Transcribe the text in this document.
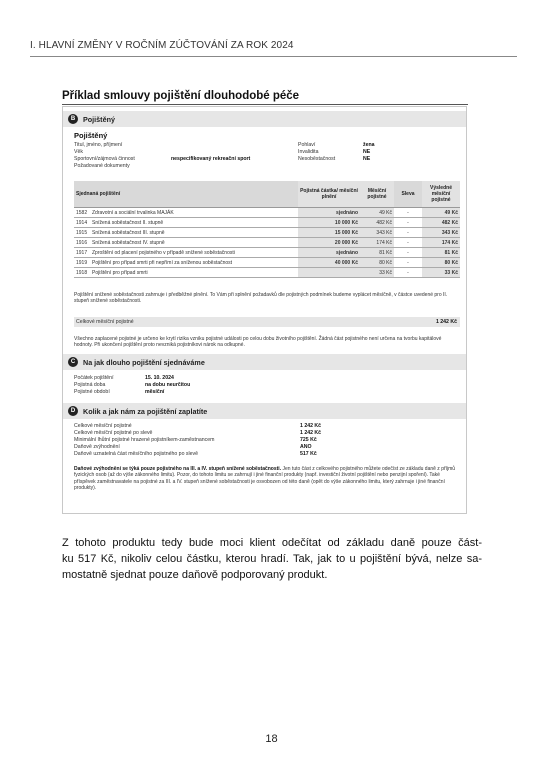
I. HLAVNÍ ZMĚNY V ROČNÍM ZÚČTOVÁNÍ ZA ROK 2024
Příklad smlouvy pojištění dlouhodobé péče
B	Pojištěný
Pojištěný
Titul, jméno, příjmení
Věk
Sportovní/zájmová činnost	nespecifikovaný rekreační sport
Požadované dokumenty
Pohlaví	žena
Invalidita	NE
Nesoběstačnost	NE
Sjednaná pojištění		Pojistná částka/ měsíční plnění	Měsíční pojistné	Sleva	Výsledné měsíční pojistné
1582	Zdravotní a sociální trvalinka MAJÁK	sjednáno	49 Kč	-	49 Kč
1914	Snížená soběstačnost II. stupně	10 000 Kč	482 Kč	-	482 Kč
1915	Snížená soběstačnost III. stupně	15 000 Kč	343 Kč	-	343 Kč
1916	Snížená soběstačnost IV. stupně	20 000 Kč	174 Kč	-	174 Kč
1917	Zproštění od placení pojistného v případě snížené soběstačnosti	sjednáno	81 Kč	-	81 Kč
1919	Pojištění pro případ smrti při nepřímí za sníženou soběstačnost	40 000 Kč	80 Kč	-	80 Kč
1918	Pojištění pro případ smrti		33 Kč	-	33 Kč
Pojištění snížené soběstačnosti zahrnuje i předběžné plnění. To Vám při splnění požadavků dle pojistných podmínek budeme vyplácet měsíčně, v částce uvedené pro II. stupeň snížené soběstačnosti.
Celkové měsíční pojistné	1 242 Kč
Všechno zaplacené pojistné je určeno ke krytí rizika vzniku pojistné události po celou dobu životního pojištění. Žádná část pojistného není určena na tvorbu kapitálové hodnoty. Při ukončení pojištění proto nevzniká pojistníkovi nárok na odkupné.
C	Na jak dlouho pojištění sjednáváme
Počátek pojištění	15. 10. 2024
Pojistná doba	na dobu neurčitou
Pojistné období	měsíční
D	Kolik a jak nám za pojištění zaplatíte
Celkové měsíční pojistné	1 242 Kč
Celkové měsíční pojistné po slevě	1 242 Kč
Minimální lhůtní pojistné hrazené pojistníkem-zaměstnancem	725 Kč
Daňově zvýhodnění	ANO
Daňově uznatelná část měsíčního pojistného po slevě	517 Kč
Daňové zvýhodnění se týká pouze pojistného na III. a IV. stupeň snížené soběstačnosti. Jen tuto část z celkového pojistného můžete odečíst ze základu daně z příjmů fyzických osob (až do výše zákonného limitu). Pozor, do tohoto limitu se zahrnují i jiné finanční produkty (např. investiční životní pojištění nebo penzijní spoření). Také příspěvek zaměstnavatele na pojistné za III. a IV. stupeň snížené soběstačnosti je osvobozen od této daně (opět do výše zákonného limitu, který zahrnuje i jiné finanční produkty).
Z tohoto produktu tedy bude moci klient odečítat od základu daně pouze část-
ku 517 Kč, nikoliv celou částku, kterou hradí. Tak, jak to u pojištění bývá, nelze sa-
mostatně sjednat pouze daňově podporovaný produkt.
18
